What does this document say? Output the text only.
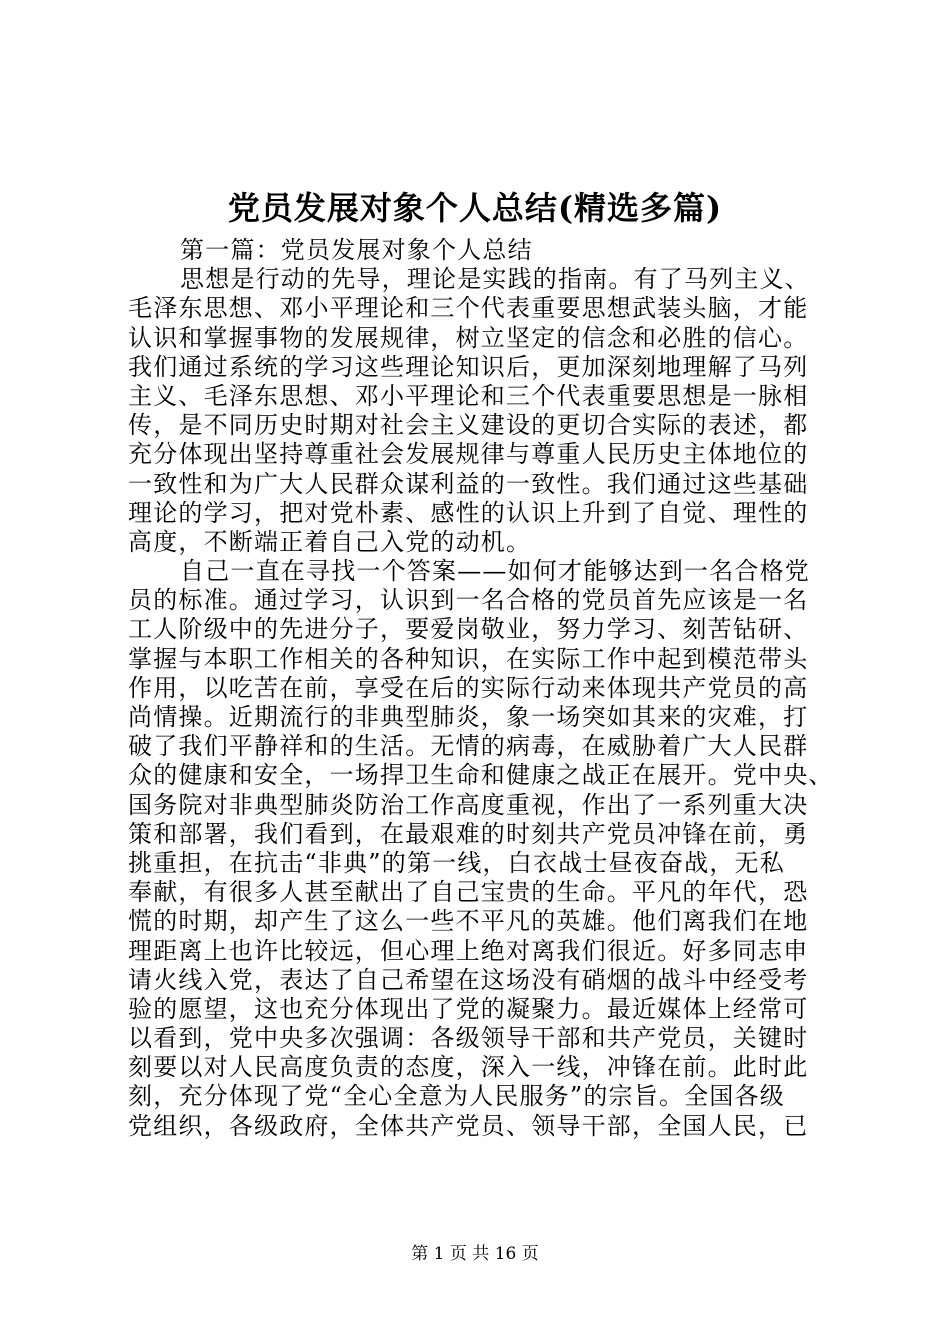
党员发展对象个人总结(精选多篇)
第一篇：党员发展对象个人总结
思想是行动的先导，理论是实践的指南。有了马列主义、
毛泽东思想、邓小平理论和三个代表重要思想武装头脑，才能
认识和掌握事物的发展规律，树立坚定的信念和必胜的信心。
我们通过系统的学习这些理论知识后，更加深刻地理解了马列
主义、毛泽东思想、邓小平理论和三个代表重要思想是一脉相
传，是不同历史时期对社会主义建设的更切合实际的表述，都
充分体现出坚持尊重社会发展规律与尊重人民历史主体地位的
一致性和为广大人民群众谋利益的一致性。我们通过这些基础
理论的学习，把对党朴素、感性的认识上升到了自觉、理性的
高度，不断端正着自己入党的动机。
自己一直在寻找一个答案——如何才能够达到一名合格党
员的标准。通过学习，认识到一名合格的党员首先应该是一名
工人阶级中的先进分子，要爱岗敬业，努力学习、刻苦钻研、
掌握与本职工作相关的各种知识，在实际工作中起到模范带头
作用，以吃苦在前，享受在后的实际行动来体现共产党员的高
尚情操。近期流行的非典型肺炎，象一场突如其来的灾难，打
破了我们平静祥和的生活。无情的病毒，在威胁着广大人民群
众的健康和安全，一场捍卫生命和健康之战正在展开。党中央、
国务院对非典型肺炎防治工作高度重视，作出了一系列重大决
策和部署，我们看到，在最艰难的时刻共产党员冲锋在前，勇
挑重担，在抗击“非典”的第一线，白衣战士昼夜奋战，无私
奉献，有很多人甚至献出了自己宝贵的生命。平凡的年代，恐
慌的时期，却产生了这么一些不平凡的英雄。他们离我们在地
理距离上也许比较远，但心理上绝对离我们很近。好多同志申
请火线入党，表达了自己希望在这场没有硝烟的战斗中经受考
验的愿望，这也充分体现出了党的凝聚力。最近媒体上经常可
以看到，党中央多次强调：各级领导干部和共产党员，关键时
刻要以对人民高度负责的态度，深入一线，冲锋在前。此时此
刻，充分体现了党“全心全意为人民服务”的宗旨。全国各级
党组织，各级政府，全体共产党员、领导干部，全国人民，已
第 1 页 共 16 页
